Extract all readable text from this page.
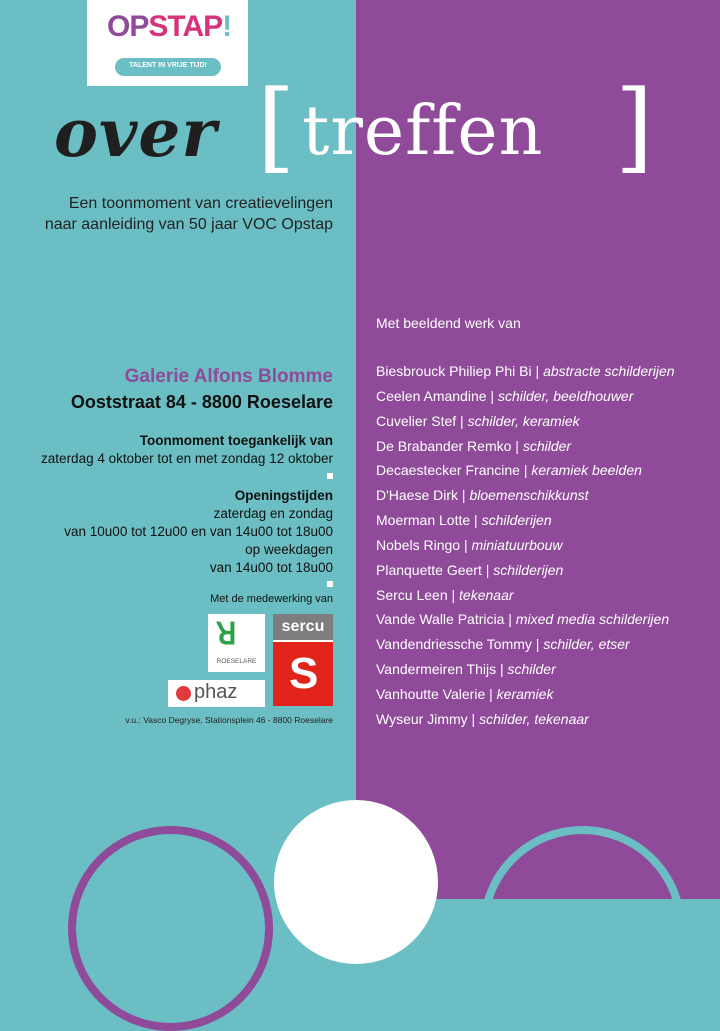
OPSTAP!
TALENT IN VRIJE TIJD!
over [ treffen ]
Een toonmoment van creatievelingen
naar aanleiding van 50 jaar VOC Opstap
Galerie Alfons Blomme
Ooststraat 84 - 8800 Roeselare
Toonmoment toegankelijk van
zaterdag 4 oktober tot en met zondag 12 oktober
Openingstijden
zaterdag en zondag
van 10u00 tot 12u00 en van 14u00 tot 18u00
op weekdagen
van 14u00 tot 18u00
Met de medewerking van
ꓤ
ROESELARE
sercu
S
phaz
v.u.: Vasco Degryse, Stationsplein 46 - 8800 Roeselare
Met beeldend werk van
Biesbrouck Philiep Phi Bi | abstracte schilderijen
Ceelen Amandine | schilder, beeldhouwer
Cuvelier Stef | schilder, keramiek
De Brabander Remko | schilder
Decaestecker Francine | keramiek beelden
D'Haese Dirk | bloemenschikkunst
Moerman Lotte | schilderijen
Nobels Ringo | miniatuurbouw
Planquette Geert | schilderijen
Sercu Leen | tekenaar
Vande Walle Patricia | mixed media schilderijen
Vandendriessche Tommy | schilder, etser
Vandermeiren Thijs | schilder
Vanhoutte Valerie | keramiek
Wyseur Jimmy | schilder, tekenaar
